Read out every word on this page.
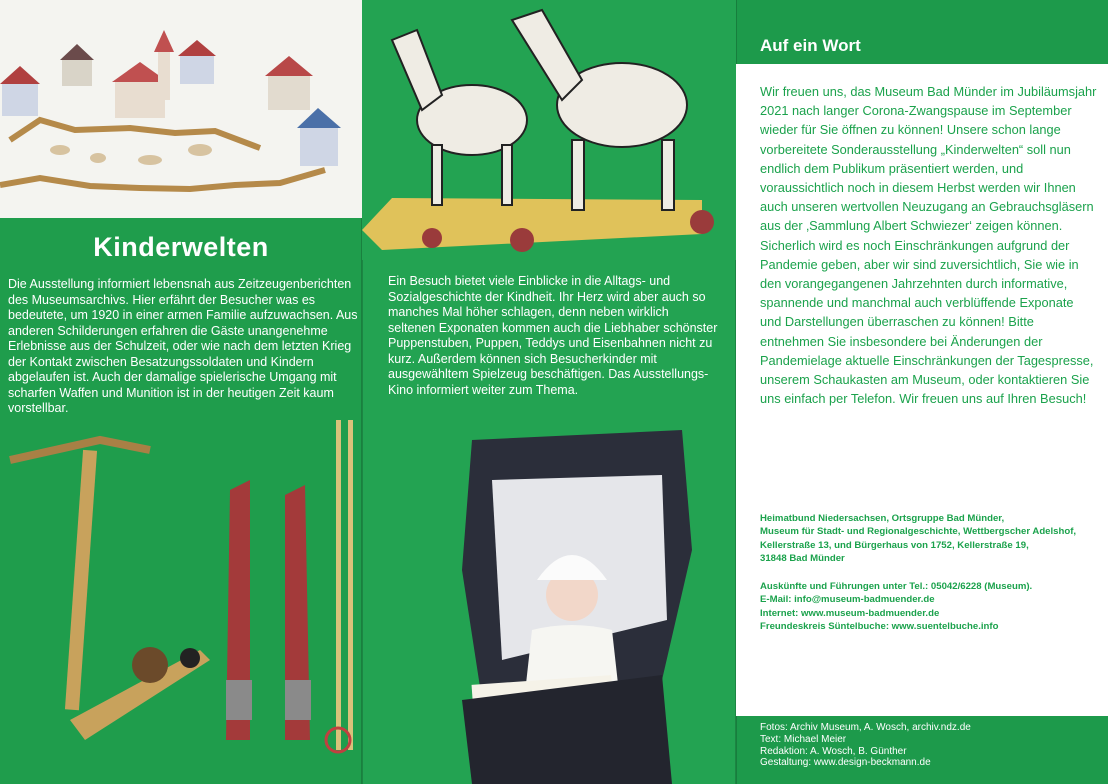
Kinderwelten
Die Ausstellung informiert lebensnah aus Zeitzeugenberichten des Museumsarchivs. Hier erfährt der Besucher was es bedeutete, um 1920 in einer armen Familie aufzuwachsen. Aus anderen Schilderungen erfahren die Gäste unangenehme Erlebnisse aus der Schulzeit, oder wie nach dem letzten Krieg der Kontakt zwischen Besatzungssoldaten und Kindern abgelaufen ist. Auch der damalige spielerische Umgang mit scharfen Waffen und Munition ist in der heutigen Zeit kaum vorstellbar.
Ein Besuch bietet viele Einblicke in die Alltags- und Sozialgeschichte der Kindheit. Ihr Herz wird aber auch so manches Mal höher schlagen, denn neben wirklich seltenen Exponaten kommen auch die Liebhaber schönster Puppenstuben, Puppen, Teddys und Eisenbahnen nicht zu kurz. Außerdem können sich Besucherkinder mit ausgewähltem Spielzeug beschäftigen. Das Ausstellungs-Kino informiert weiter zum Thema.
Auf ein Wort
Wir freuen uns, das Museum Bad Münder im Jubiläumsjahr 2021 nach langer Corona-Zwangspause im September wieder für Sie öffnen zu können! Unsere schon lange vorbereitete Sonderausstellung „Kinderwelten“ soll nun endlich dem Publikum präsentiert werden, und voraussichtlich noch in diesem Herbst werden wir Ihnen auch unseren wertvollen Neuzugang an Gebrauchsgläsern aus der ‚Sammlung Albert Schwiezer‘ zeigen können. Sicherlich wird es noch Einschränkungen aufgrund der Pandemie geben, aber wir sind zuversichtlich, Sie wie in den vorangegangenen Jahrzehnten durch informative, spannende und manchmal auch verblüffende Exponate und Darstellungen überraschen zu können! Bitte entnehmen Sie insbesondere bei Änderungen der Pandemielage aktuelle Einschränkungen der Tagespresse, unserem Schaukasten am Museum, oder kontaktieren Sie uns einfach per Telefon. Wir freuen uns auf Ihren Besuch!
Heimatbund Niedersachsen, Ortsgruppe Bad Münder,
Museum für Stadt- und Regionalgeschichte, Wettbergscher Adelshof,
Kellerstraße 13, und Bürgerhaus von 1752, Kellerstraße 19,
31848 Bad Münder
Auskünfte und Führungen unter Tel.: 05042/6228 (Museum).
E-Mail: info@museum-badmuender.de
Internet: www.museum-badmuender.de
Freundeskreis Süntelbuche: www.suentelbuche.info
Fotos: Archiv Museum, A. Wosch, archiv.ndz.de
Text: Michael Meier
Redaktion: A. Wosch, B. Günther
Gestaltung: www.design-beckmann.de
